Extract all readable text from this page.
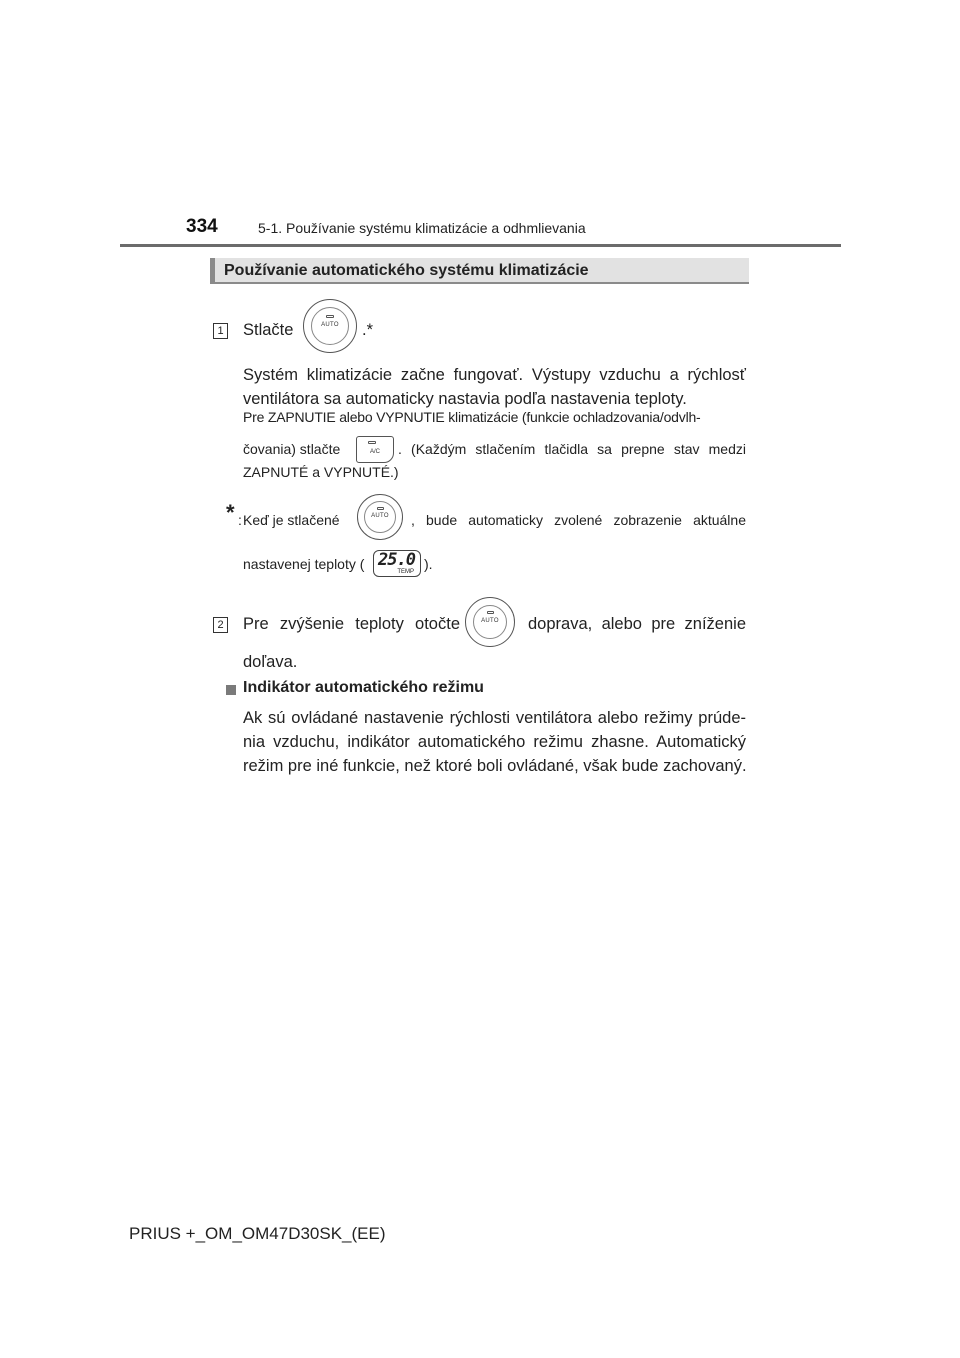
334	5-1. Používanie systému klimatizácie a odhmlievania
Používanie automatického systému klimatizácie
1 Stlačte	AUTO	.*
Systém klimatizácie začne fungovať. Výstupy vzduchu a rýchlosť
ventilátora sa automaticky nastavia podľa nastavenia teploty.
Pre ZAPNUTIE alebo VYPNUTIE klimatizácie (funkcie ochladzovania/odvlh-
čovania) stlačte	A/C	. (Každým stlačením tlačidla sa prepne stav medzi
ZAPNUTÉ a VYPNUTÉ.)
* : Keď je stlačené	AUTO	, bude automaticky zvolené zobrazenie aktuálne
nastavenej teploty ( 25.0
TEMP ).
2 Pre zvýšenie teploty otočte	AUTO	doprava, alebo pre zníženie
doľava.
Indikátor automatického režimu
Ak sú ovládané nastavenie rýchlosti ventilátora alebo režimy prúde-
nia vzduchu, indikátor automatického režimu zhasne. Automatický
režim pre iné funkcie, než ktoré boli ovládané, však bude zachovaný.
PRIUS +_OM_OM47D30SK_(EE)
